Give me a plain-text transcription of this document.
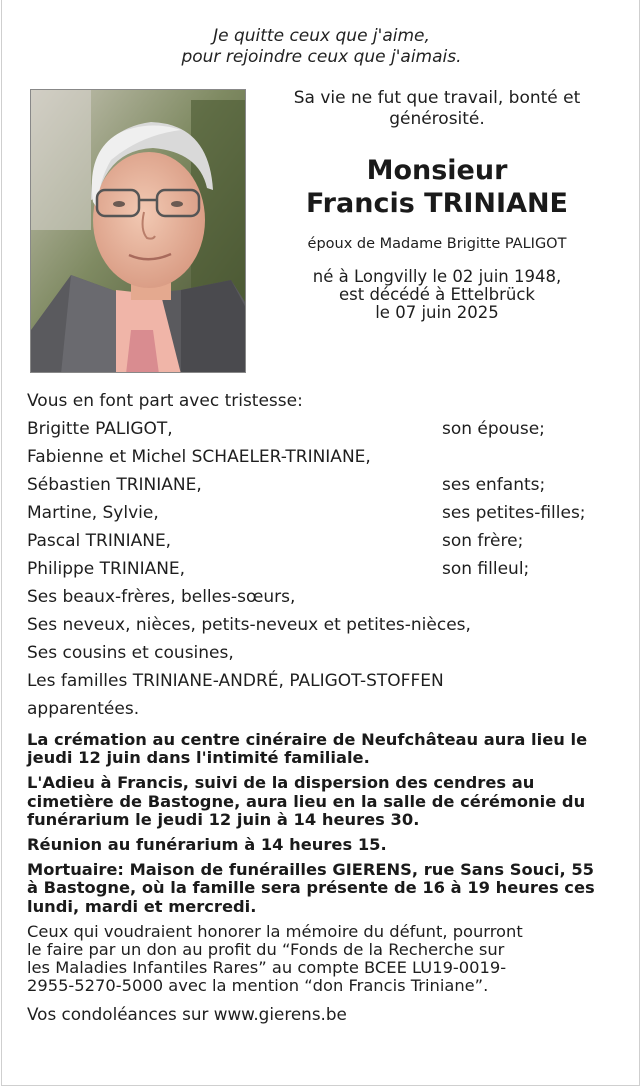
Je quitte ceux que j'aime,
pour rejoindre ceux que j'aimais.
Sa vie ne fut que travail, bonté et générosité.
Monsieur
Francis TRINIANE
époux de Madame Brigitte PALIGOT
né à Longvilly le 02 juin 1948,
est décédé à Ettelbrück
le 07 juin 2025
Vous en font part avec tristesse:
Brigitte PALIGOT,	son épouse;
Fabienne et Michel SCHAELER-TRINIANE,
Sébastien TRINIANE,	ses enfants;
Martine, Sylvie,	ses petites-filles;
Pascal TRINIANE,	son frère;
Philippe TRINIANE,	son filleul;
Ses beaux-frères, belles-sœurs,
Ses neveux, nièces, petits-neveux et petites-nièces,
Ses cousins et cousines,
Les familles TRINIANE-ANDRÉ, PALIGOT-STOFFEN
apparentées.
La crémation au centre cinéraire de Neufchâteau aura lieu le
jeudi 12 juin dans l'intimité familiale.
L'Adieu à Francis, suivi de la dispersion des cendres au
cimetière de Bastogne, aura lieu en la salle de cérémonie du
funérarium le jeudi 12 juin à 14 heures 30.
Réunion au funérarium à 14 heures 15.
Mortuaire: Maison de funérailles GIERENS, rue Sans Souci, 55
à Bastogne, où la famille sera présente de 16 à 19 heures ces
lundi, mardi et mercredi.
Ceux qui voudraient honorer la mémoire du défunt, pourront
le faire par un don au profit du “Fonds de la Recherche sur
les Maladies Infantiles Rares” au compte BCEE LU19-0019-
2955-5270-5000 avec la mention “don Francis Triniane”.
Vos condoléances sur www.gierens.be
